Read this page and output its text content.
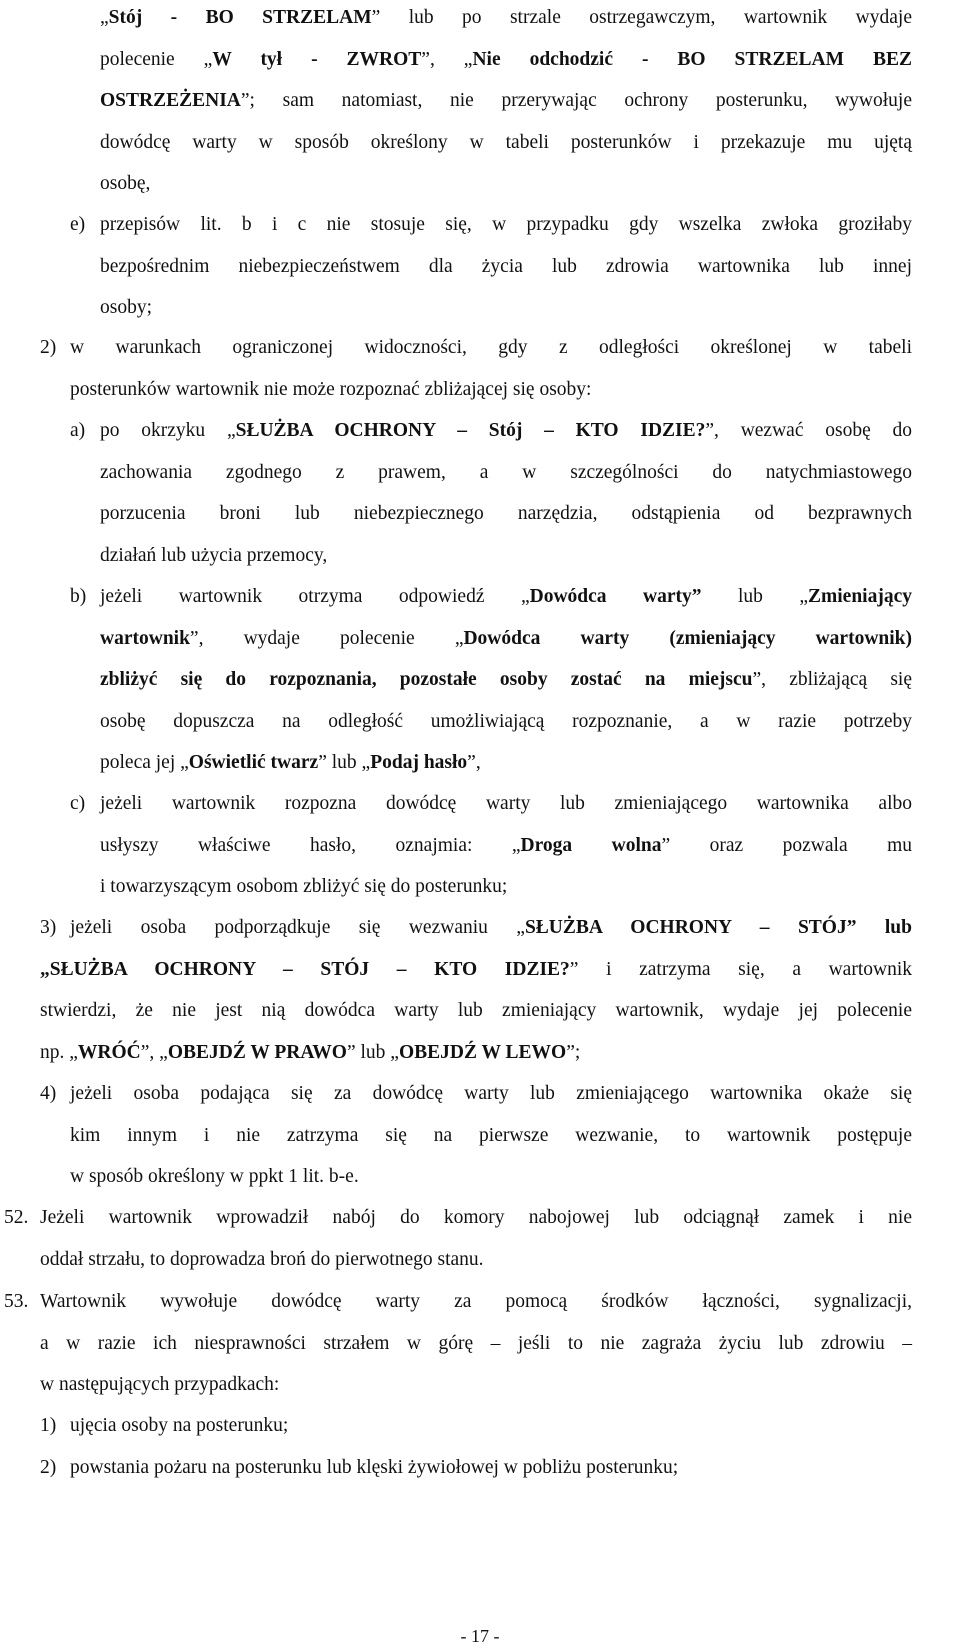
„Stój - BO STRZELAM” lub po strzale ostrzegawczym, wartownik wydaje
polecenie „W tył - ZWROT”, „Nie odchodzić - BO STRZELAM BEZ
OSTRZEŻENIA”; sam natomiast, nie przerywając ochrony posterunku, wywołuje
dowódcę warty w sposób określony w tabeli posterunków i przekazuje mu ujętą
osobę,
e) przepisów lit. b i c nie stosuje się, w przypadku gdy wszelka zwłoka groziłaby
bezpośrednim niebezpieczeństwem dla życia lub zdrowia wartownika lub innej
osoby;
2) w warunkach ograniczonej widoczności, gdy z odległości określonej w tabeli
posterunków wartownik nie może rozpoznać zbliżającej się osoby:
a) po okrzyku „SŁUŻBA OCHRONY – Stój – KTO IDZIE?”, wezwać osobę do
zachowania zgodnego z prawem, a w szczególności do natychmiastowego
porzucenia broni lub niebezpiecznego narzędzia, odstąpienia od bezprawnych
działań lub użycia przemocy,
b) jeżeli wartownik otrzyma odpowiedź „Dowódca warty” lub „Zmieniający
wartownik”, wydaje polecenie „Dowódca warty (zmieniający wartownik)
zbliżyć się do rozpoznania, pozostałe osoby zostać na miejscu”, zbliżającą się
osobę dopuszcza na odległość umożliwiającą rozpoznanie, a w razie potrzeby
poleca jej „Oświetlić twarz” lub „Podaj hasło”,
c) jeżeli wartownik rozpozna dowódcę warty lub zmieniającego wartownika albo
usłyszy właściwe hasło, oznajmia: „Droga wolna” oraz pozwala mu
i towarzyszącym osobom zbliżyć się do posterunku;
3) jeżeli osoba podporządkuje się wezwaniu „SŁUŻBA OCHRONY – STÓJ” lub
„SŁUŻBA OCHRONY – STÓJ – KTO IDZIE?” i zatrzyma się, a wartownik
stwierdzi, że nie jest nią dowódca warty lub zmieniający wartownik, wydaje jej polecenie
np. „WRÓĆ”, „OBEJDŹ W PRAWO” lub „OBEJDŹ W LEWO”;
4) jeżeli osoba podająca się za dowódcę warty lub zmieniającego wartownika okaże się
kim innym i nie zatrzyma się na pierwsze wezwanie, to wartownik postępuje
w sposób określony w ppkt 1 lit. b-e.
52. Jeżeli wartownik wprowadził nabój do komory nabojowej lub odciągnął zamek i nie
oddał strzału, to doprowadza broń do pierwotnego stanu.
53. Wartownik wywołuje dowódcę warty za pomocą środków łączności, sygnalizacji,
a w razie ich niesprawności strzałem w górę – jeśli to nie zagraża życiu lub zdrowiu –
w następujących przypadkach:
1) ujęcia osoby na posterunku;
2) powstania pożaru na posterunku lub klęski żywiołowej w pobliżu posterunku;
- 17 -
